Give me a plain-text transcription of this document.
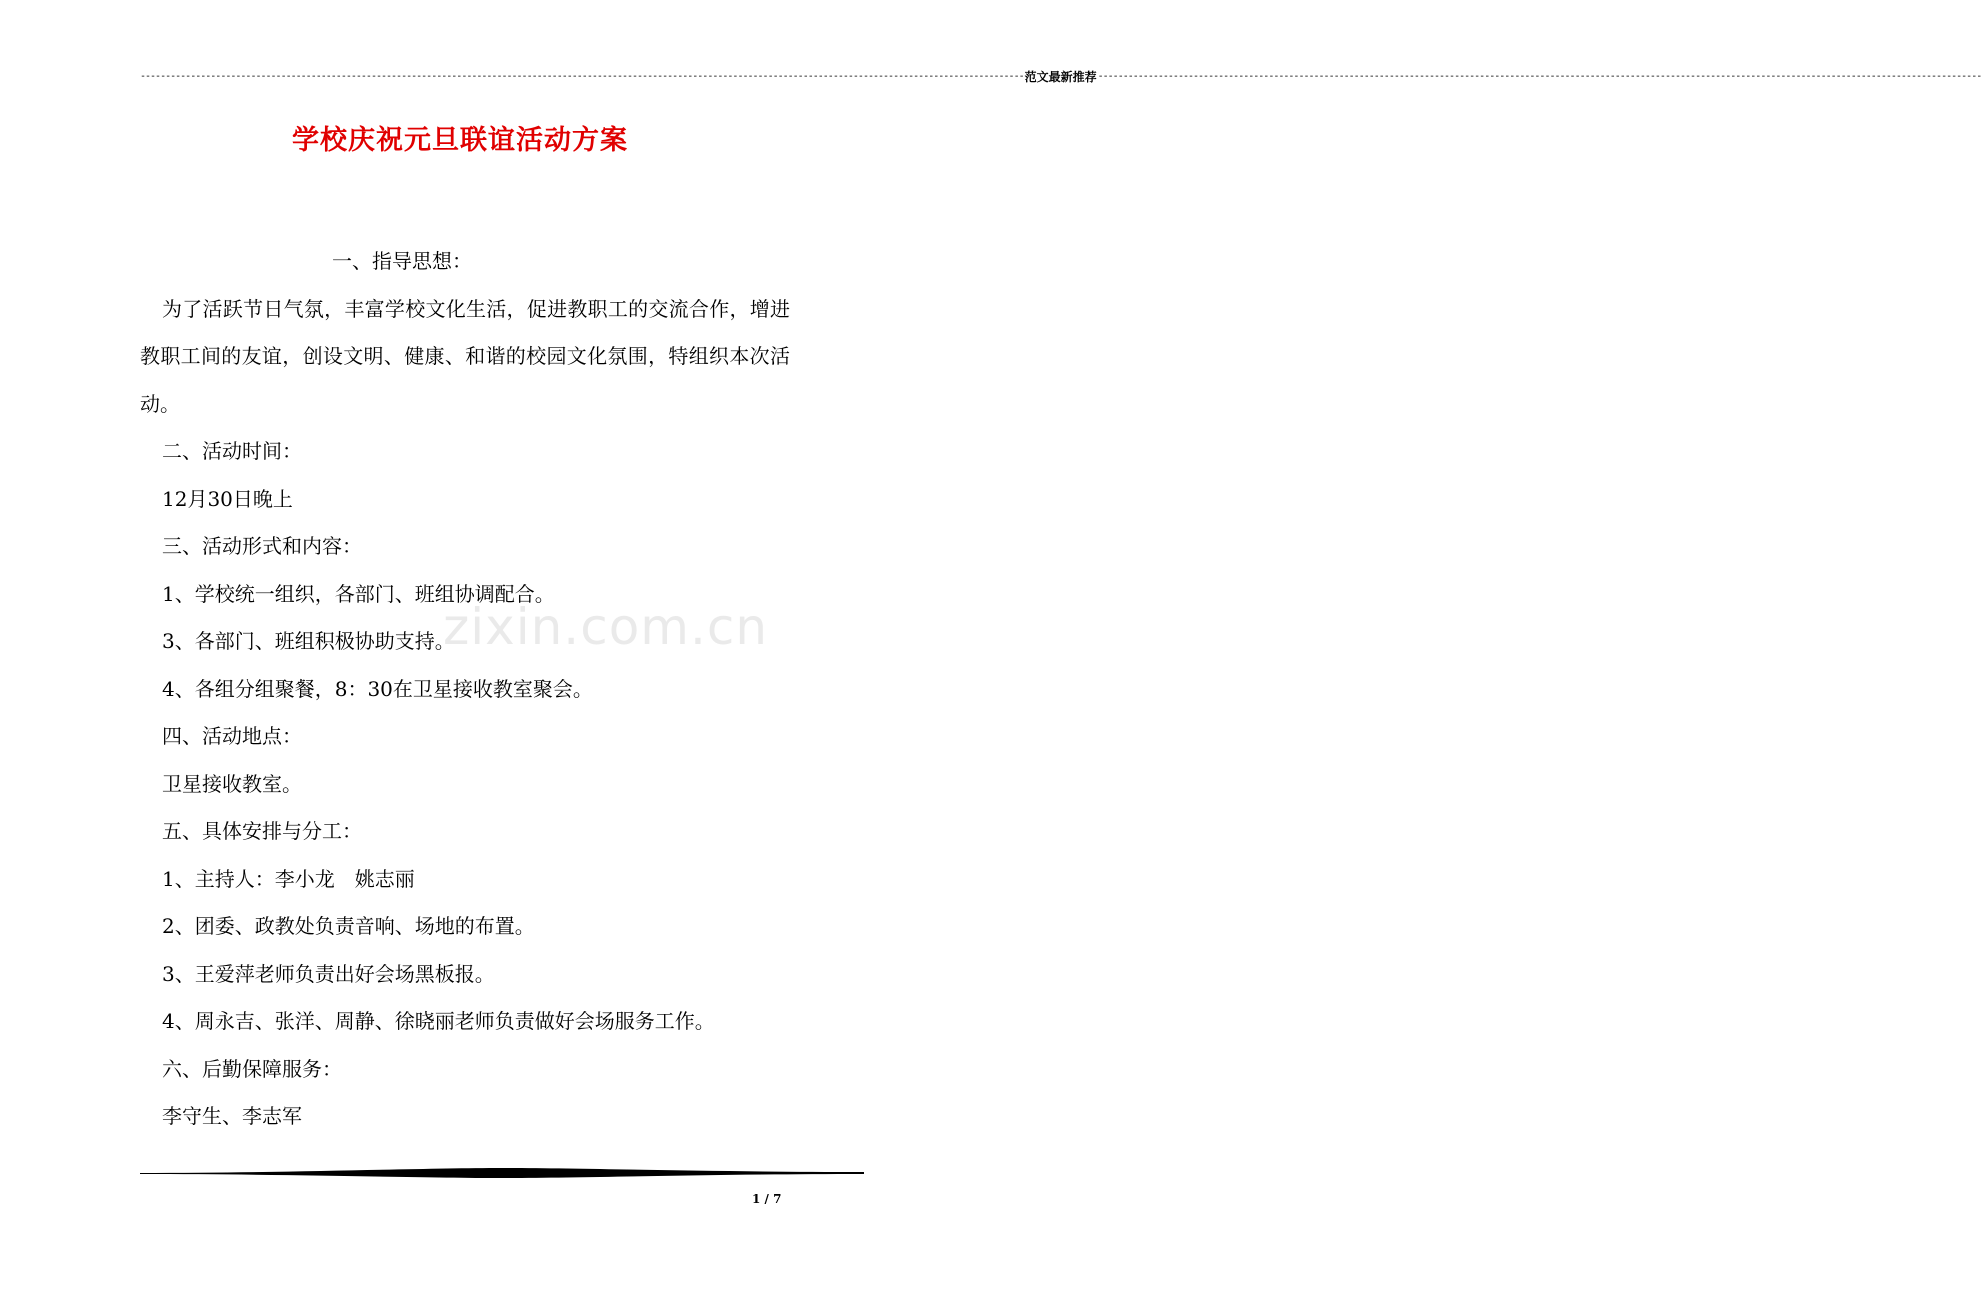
-------------------------------------------------------------------------------------------------------------------------------------------------------------------------------- 范文最新推荐 --------------------------------------------------------------------------------------------------------------------------------------------------------------------------------
学校庆祝元旦联谊活动方案

一、指导思想：

为了活跃节日气氛，丰富学校文化生活，促进教职工的交流合作，增进教职工间的友谊，创设文明、健康、和谐的校园文化氛围，特组织本次活动。

二、活动时间：

12月30日晚上

三、活动形式和内容：

1、学校统一组织，各部门、班组协调配合。

3、各部门、班组积极协助支持。

4、各组分组聚餐，8：30在卫星接收教室聚会。

四、活动地点：

卫星接收教室。

五、具体安排与分工：

1、主持人：李小龙　姚志丽

2、团委、政教处负责音响、场地的布置。

3、王爱萍老师负责出好会场黑板报。

4、周永吉、张洋、周静、徐晓丽老师负责做好会场服务工作。

六、后勤保障服务：

李守生、李志军

zixin.com.cn
1 / 7
